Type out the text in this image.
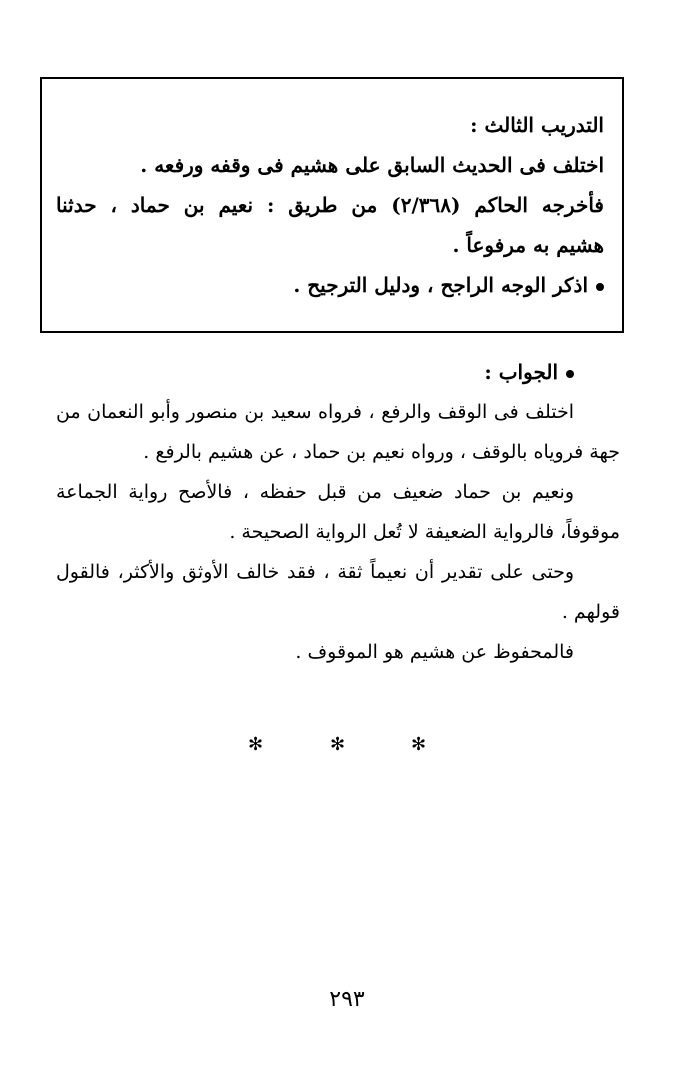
التدريب الثالث :
اختلف فى الحديث السابق على هشيم فى وقفه ورفعه .
فأخرجه الحاكم (٢/٣٦٨) من طريق : نعيم بن حماد ، حدثنا
هشيم به مرفوعاً .
اذكر الوجه الراجح ، ودليل الترجيح .
الجواب :
اختلف فى الوقف والرفع ، فرواه سعيد بن منصور وأبو النعمان من
جهة فروياه بالوقف ، ورواه نعيم بن حماد ، عن هشيم بالرفع .
ونعيم بن حماد ضعيف من قبل حفظه ، فالأصح رواية الجماعة
موقوفاً، فالرواية الضعيفة لا تُعل الرواية الصحيحة .
وحتى على تقدير أن نعيماً ثقة ، فقد خالف الأوثق والأكثر، فالقول
قولهم .
فالمحفوظ عن هشيم هو الموقوف .
✻	✻	✻
٢٩٣
